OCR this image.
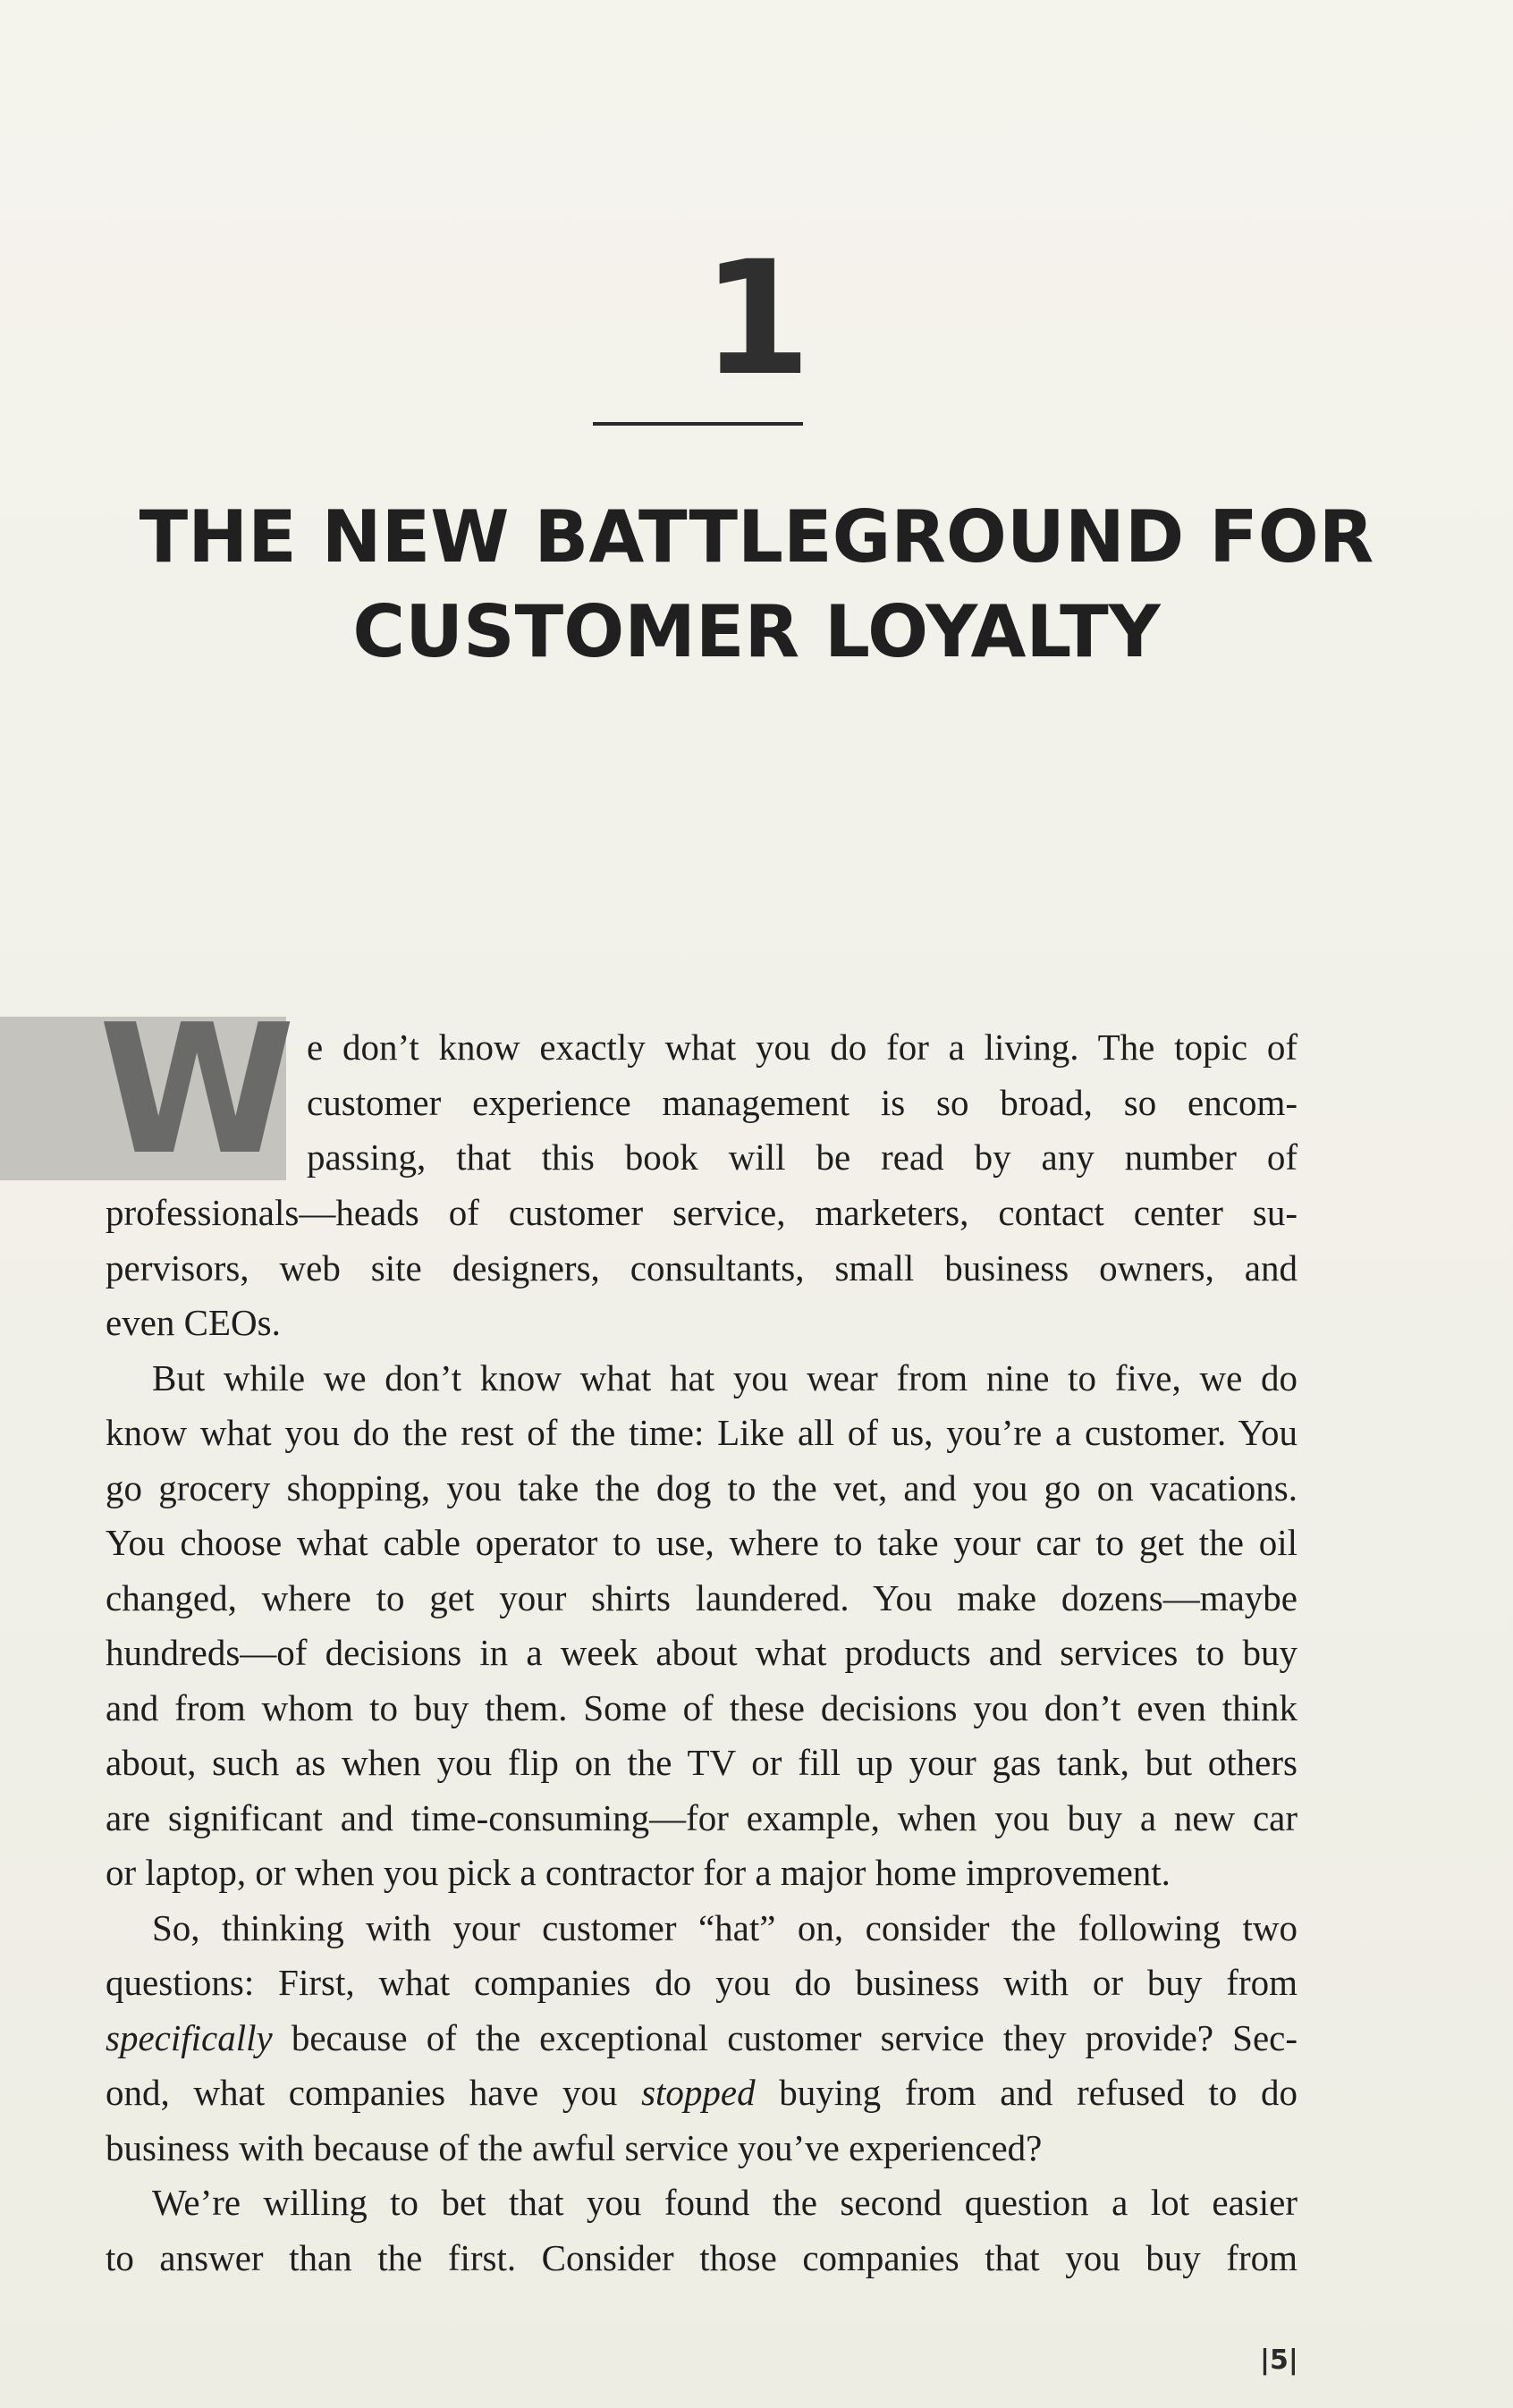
1
THE NEW BATTLEGROUND FOR
CUSTOMER LOYALTY
W e don’t know exactly what you do for a living. The topic of
customer experience management is so broad, so encom-
passing, that this book will be read by any number of

professionals—heads of customer service, marketers, contact center su-
pervisors, web site designers, consultants, small business owners, and
even CEOs.
But while we don’t know what hat you wear from nine to five, we do
know what you do the rest of the time: Like all of us, you’re a customer. You
go grocery shopping, you take the dog to the vet, and you go on vacations.
You choose what cable operator to use, where to take your car to get the oil
changed, where to get your shirts laundered. You make dozens—maybe
hundreds—of decisions in a week about what products and services to buy
and from whom to buy them. Some of these decisions you don’t even think
about, such as when you flip on the TV or fill up your gas tank, but others
are significant and time-consuming—for example, when you buy a new car
or laptop, or when you pick a contractor for a major home improvement.
So, thinking with your customer “hat” on, consider the following two
questions: First, what companies do you do business with or buy from
specifically because of the exceptional customer service they provide? Sec-
ond, what companies have you stopped buying from and refused to do
business with because of the awful service you’ve experienced?
We’re willing to bet that you found the second question a lot easier
to answer than the first. Consider those companies that you buy from
|5|
